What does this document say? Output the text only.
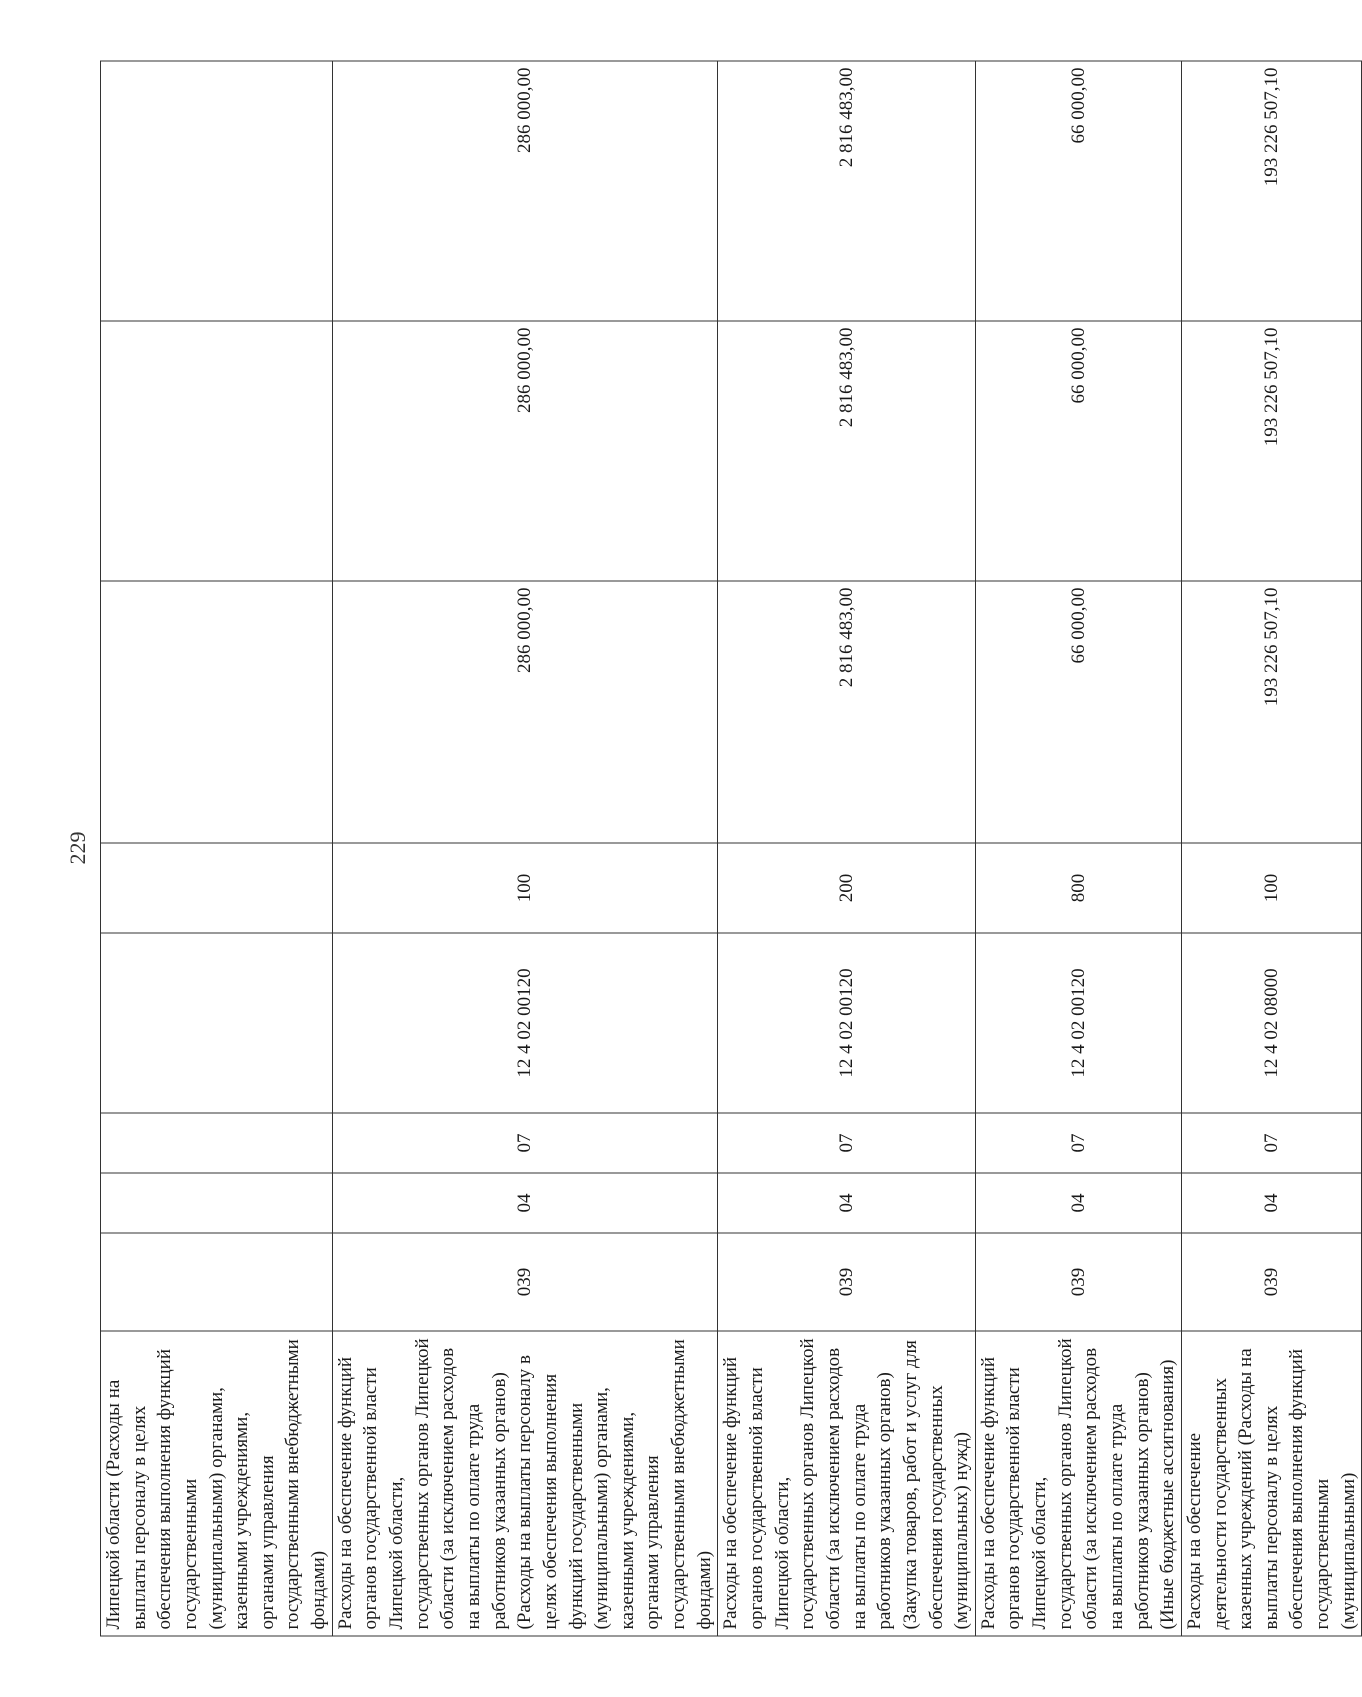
229
Липецкой области (Расходы на выплаты персоналу в целях обеспечения выполнения функций государственными (муниципальными) органами, казенными учреждениями, органами управления государственными внебюджетными фондами)								
Расходы на обеспечение функций органов государственной власти Липецкой области, государственных органов Липецкой области (за исключением расходов на выплаты по оплате труда работников указанных органов) (Расходы на выплаты персоналу в целях обеспечения выполнения функций государственными (муниципальными) органами, казенными учреждениями, органами управления государственными внебюджетными фондами)	039	04	07	12 4 02 00120	100	286 000,00	286 000,00	286 000,00
Расходы на обеспечение функций органов государственной власти Липецкой области, государственных органов Липецкой области (за исключением расходов на выплаты по оплате труда работников указанных органов) (Закупка товаров, работ и услуг для обеспечения государственных (муниципальных) нужд)	039	04	07	12 4 02 00120	200	2 816 483,00	2 816 483,00	2 816 483,00
Расходы на обеспечение функций органов государственной власти Липецкой области, государственных органов Липецкой области (за исключением расходов на выплаты по оплате труда работников указанных органов) (Иные бюджетные ассигнования)	039	04	07	12 4 02 00120	800	66 000,00	66 000,00	66 000,00
Расходы на обеспечение деятельности государственных казенных учреждений (Расходы на выплаты персоналу в целях обеспечения выполнения функций государственными (муниципальными)	039	04	07	12 4 02 08000	100	193 226 507,10	193 226 507,10	193 226 507,10
